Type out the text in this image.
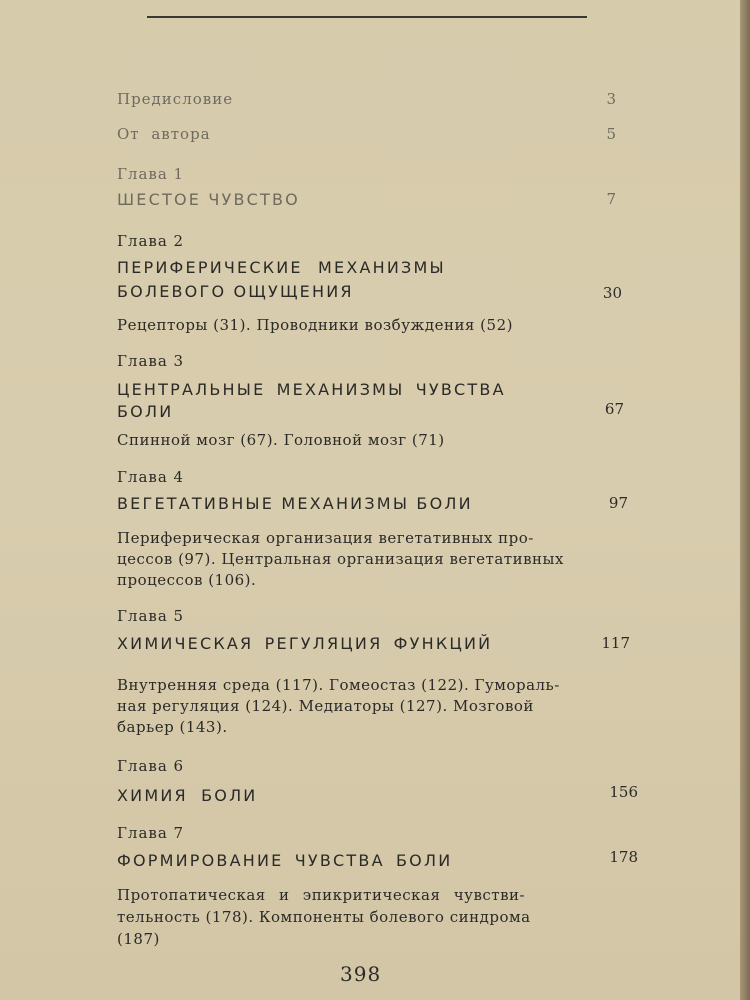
Предисловие	3
От автора	5
Глава 1
ШЕСТОЕ ЧУВСТВО	7
Глава 2
ПЕРИФЕРИЧЕСКИЕ МЕХАНИЗМЫ
БОЛЕВОГО ОЩУЩЕНИЯ	30
Рецепторы (31). Проводники возбуждения (52)
Глава 3
ЦЕНТРАЛЬНЫЕ МЕХАНИЗМЫ ЧУВСТВА
БОЛИ	67
Спинной мозг (67). Головной мозг (71)
Глава 4
ВЕГЕТАТИВНЫЕ МЕХАНИЗМЫ БОЛИ	97
Периферическая организация вегетативных про-
цессов (97). Центральная организация вегетативных
процессов (106).
Глава 5
ХИМИЧЕСКАЯ РЕГУЛЯЦИЯ ФУНКЦИЙ	117
Внутренняя среда (117). Гомеостаз (122). Гумораль-
ная регуляция (124). Медиаторы (127). Мозговой
барьер (143).
Глава 6
ХИМИЯ БОЛИ	156
Глава 7
ФОРМИРОВАНИЕ ЧУВСТВА БОЛИ	178
Протопатическая и эпикритическая чувстви-
тельность (178). Компоненты болевого синдрома
(187)
398
